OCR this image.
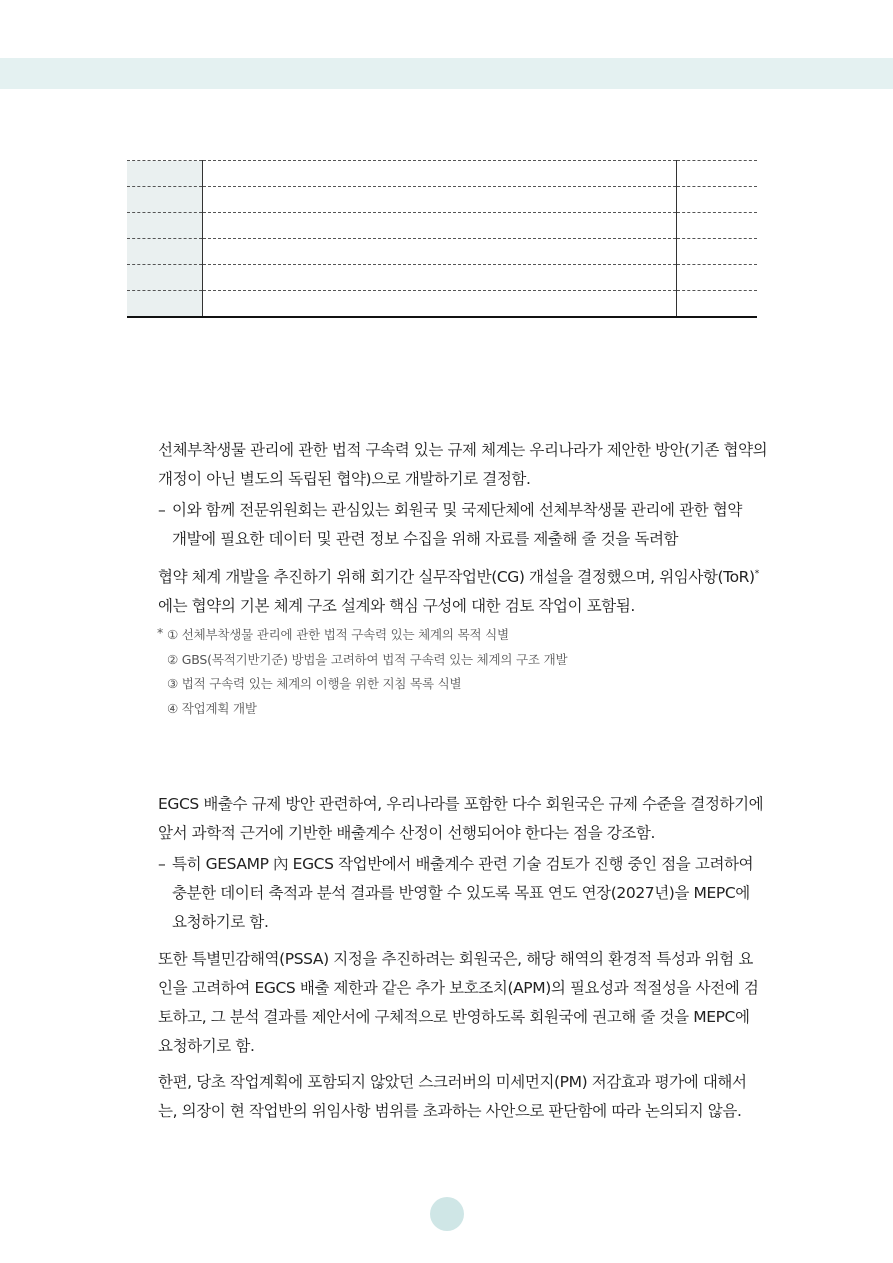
선체부착생물 관리에 관한 법적 구속력 있는 규제 체계는 우리나라가 제안한 방안(기존 협약의
개정이 아닌 별도의 독립된 협약)으로 개발하기로 결정함.
– 이와 함께 전문위원회는 관심있는 회원국 및 국제단체에 선체부착생물 관리에 관한 협약
개발에 필요한 데이터 및 관련 정보 수집을 위해 자료를 제출해 줄 것을 독려함
협약 체계 개발을 추진하기 위해 회기간 실무작업반(CG) 개설을 결정했으며, 위임사항(ToR)*
에는 협약의 기본 체계 구조 설계와 핵심 구성에 대한 검토 작업이 포함됨.
* ① 선체부착생물 관리에 관한 법적 구속력 있는 체계의 목적 식별
② GBS(목적기반기준) 방법을 고려하여 법적 구속력 있는 체계의 구조 개발
③ 법적 구속력 있는 체계의 이행을 위한 지침 목록 식별
④ 작업계획 개발
EGCS 배출수 규제 방안 관련하여, 우리나라를 포함한 다수 회원국은 규제 수준을 결정하기에
앞서 과학적 근거에 기반한 배출계수 산정이 선행되어야 한다는 점을 강조함.
– 특히 GESAMP 內 EGCS 작업반에서 배출계수 관련 기술 검토가 진행 중인 점을 고려하여
충분한 데이터 축적과 분석 결과를 반영할 수 있도록 목표 연도 연장(2027년)을 MEPC에
요청하기로 함.
또한 특별민감해역(PSSA) 지정을 추진하려는 회원국은, 해당 해역의 환경적 특성과 위험 요
인을 고려하여 EGCS 배출 제한과 같은 추가 보호조치(APM)의 필요성과 적절성을 사전에 검
토하고, 그 분석 결과를 제안서에 구체적으로 반영하도록 회원국에 권고해 줄 것을 MEPC에
요청하기로 함.
한편, 당초 작업계획에 포함되지 않았던 스크러버의 미세먼지(PM) 저감효과 평가에 대해서
는, 의장이 현 작업반의 위임사항 범위를 초과하는 사안으로 판단함에 따라 논의되지 않음.
